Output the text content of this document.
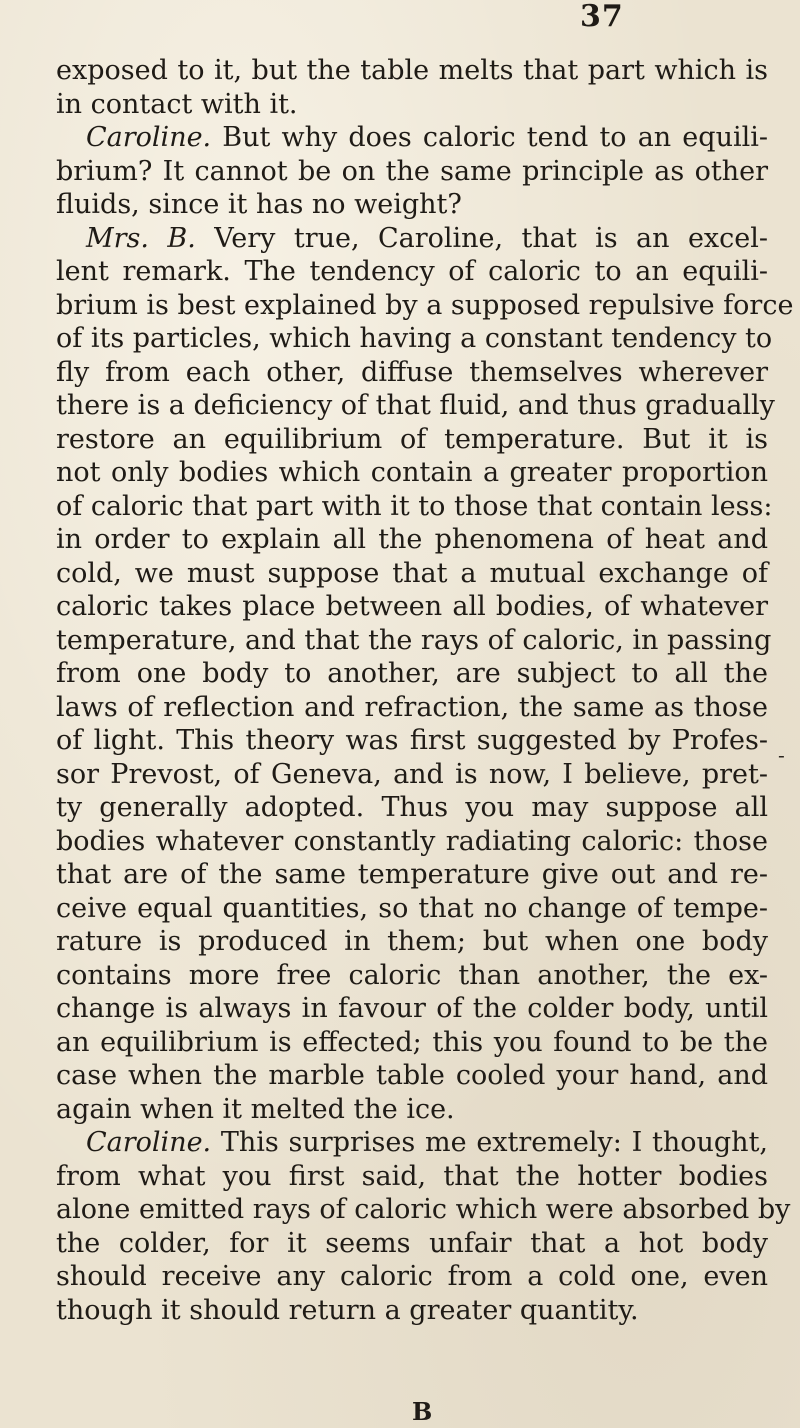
37
exposed to it, but the table melts that part which is
in contact with it.
Caroline. But why does caloric tend to an equili-
brium? It cannot be on the same principle as other
fluids, since it has no weight?
Mrs. B. Very true, Caroline, that is an excel-
lent remark. The tendency of caloric to an equili-
brium is best explained by a supposed repulsive force
of its particles, which having a constant tendency to
fly from each other, diffuse themselves wherever
there is a deficiency of that fluid, and thus gradually
restore an equilibrium of temperature. But it is
not only bodies which contain a greater proportion
of caloric that part with it to those that contain less:
in order to explain all the phenomena of heat and
cold, we must suppose that a mutual exchange of
caloric takes place between all bodies, of whatever
temperature, and that the rays of caloric, in passing
from one body to another, are subject to all the
laws of reflection and refraction, the same as those
of light. This theory was first suggested by Profes-
sor Prevost, of Geneva, and is now, I believe, pret-
ty generally adopted. Thus you may suppose all
bodies whatever constantly radiating caloric: those
that are of the same temperature give out and re-
ceive equal quantities, so that no change of tempe-
rature is produced in them; but when one body
contains more free caloric than another, the ex-
change is always in favour of the colder body, until
an equilibrium is effected; this you found to be the
case when the marble table cooled your hand, and
again when it melted the ice.
Caroline. This surprises me extremely: I thought,
from what you first said, that the hotter bodies
alone emitted rays of caloric which were absorbed by
the colder, for it seems unfair that a hot body
should receive any caloric from a cold one, even
though it should return a greater quantity.
-
B
